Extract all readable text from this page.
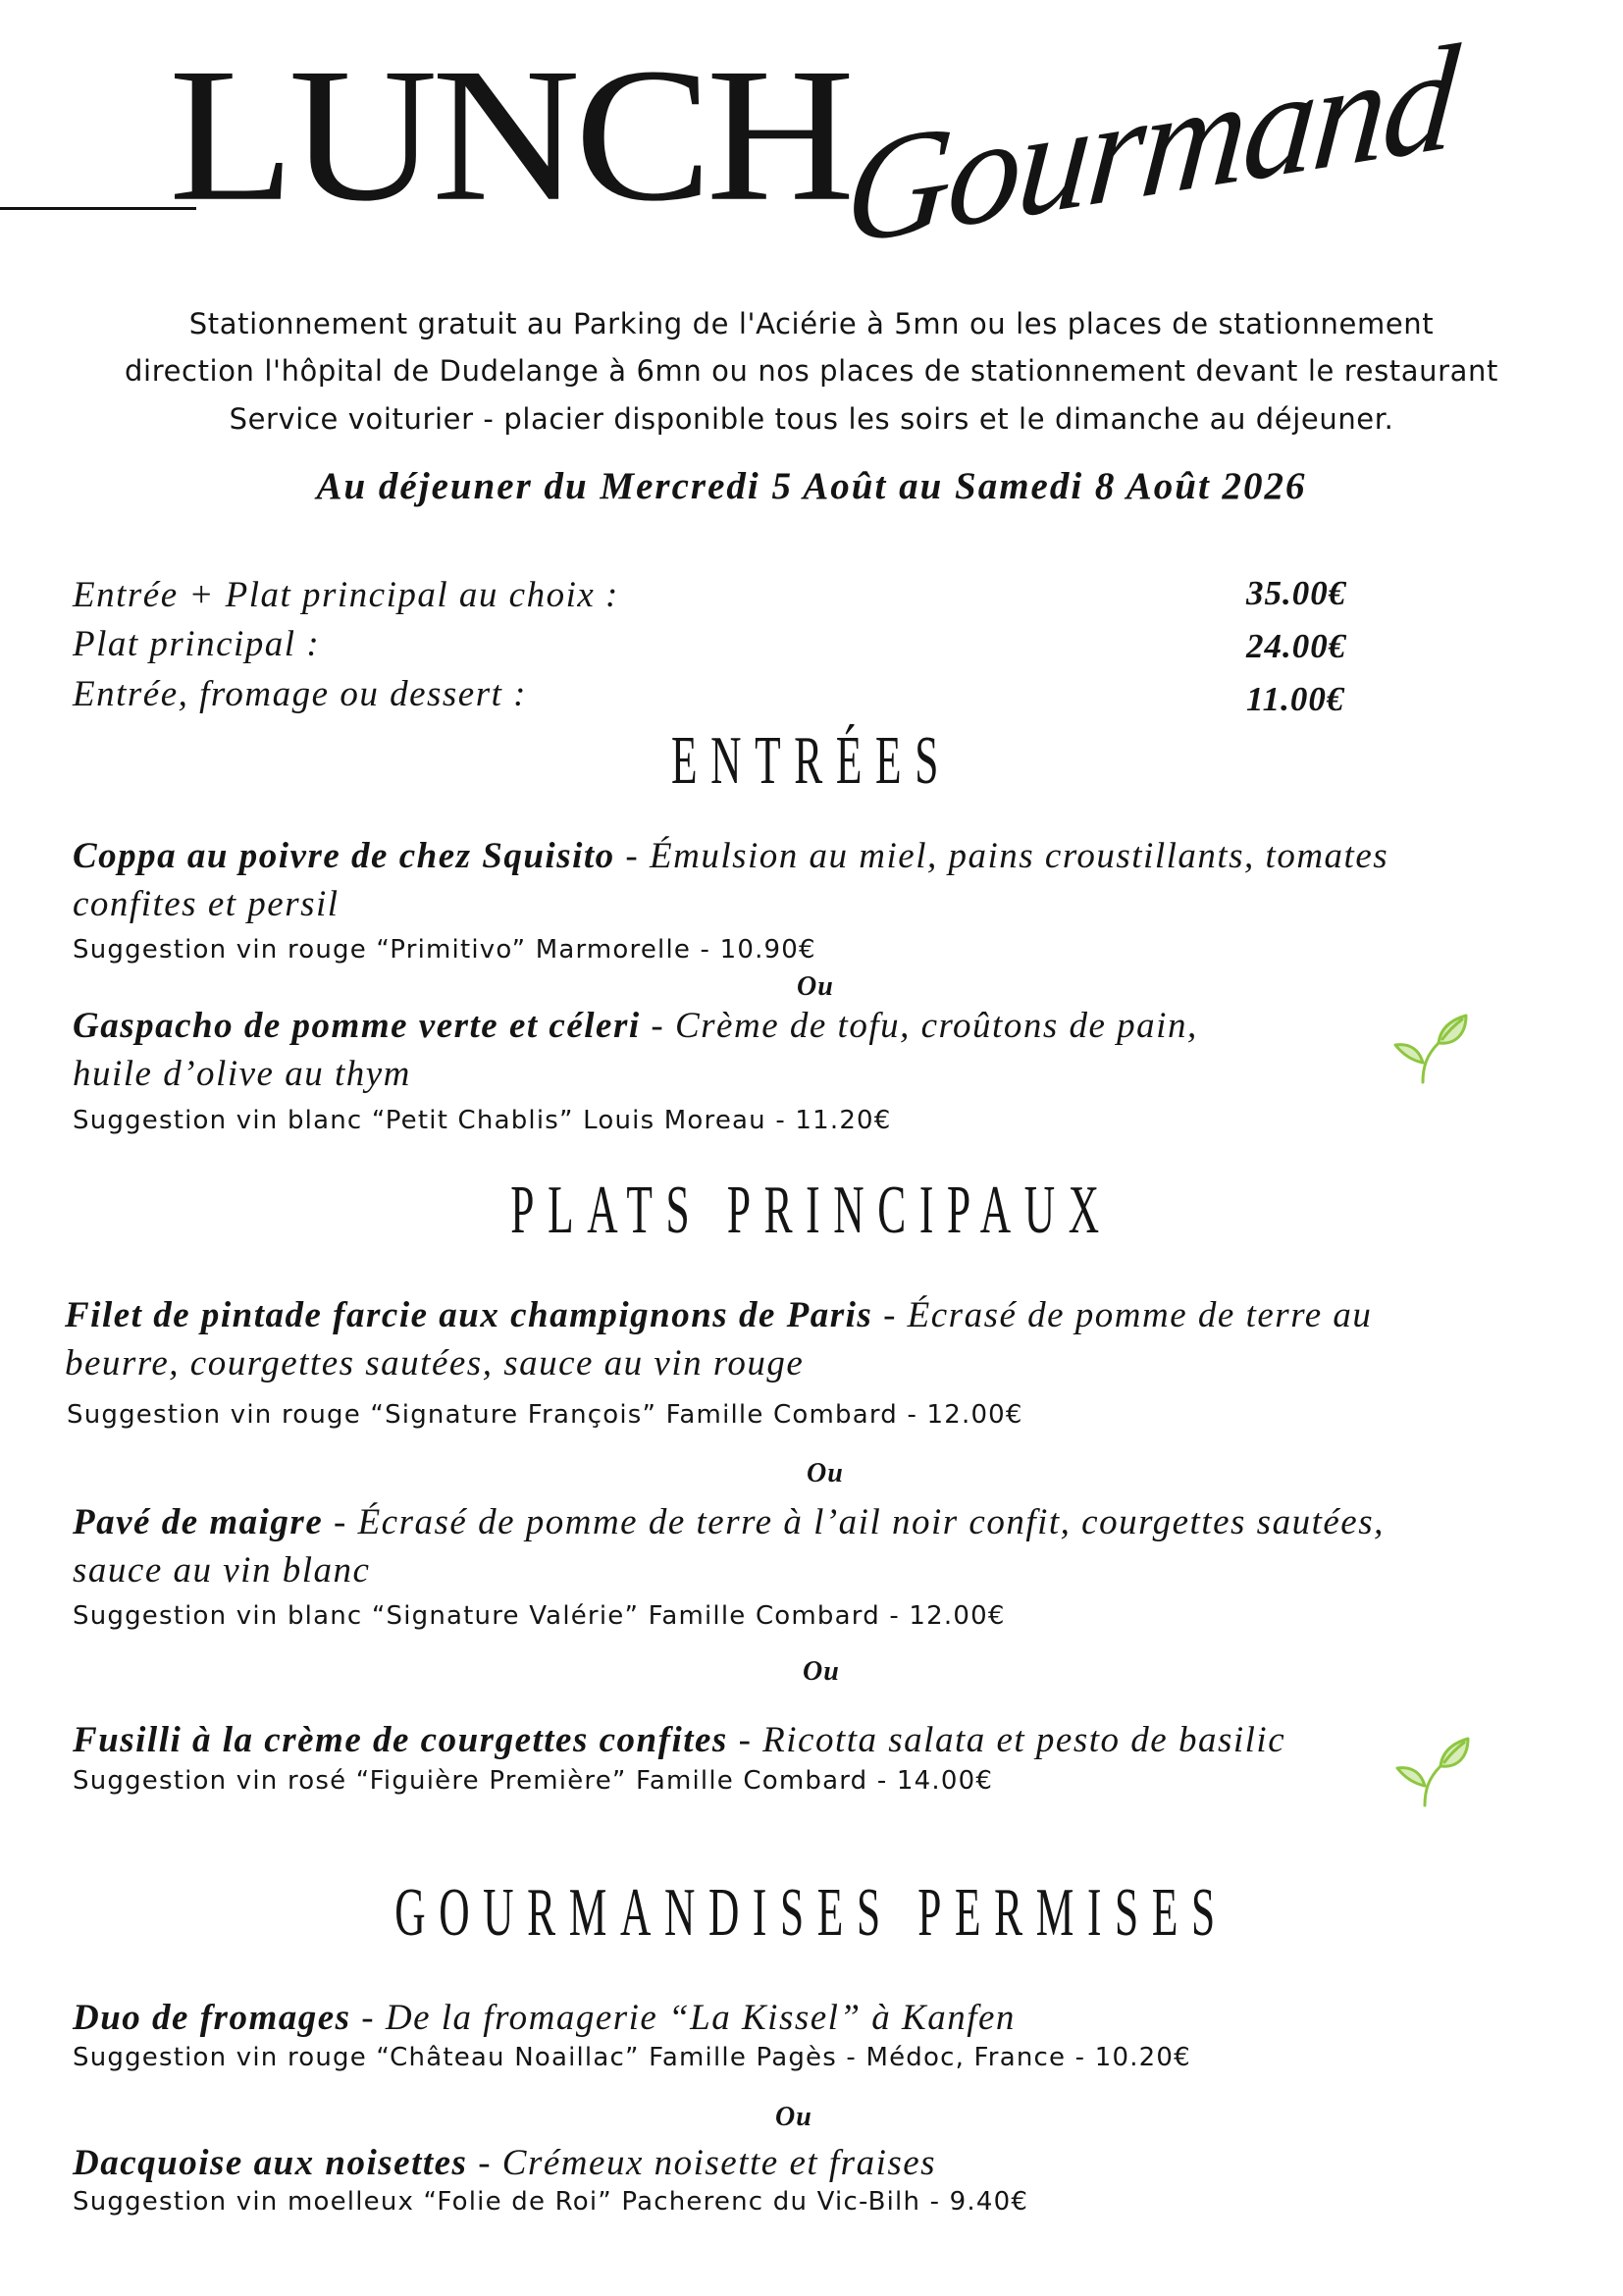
LUNCH
Gourmand
Stationnement gratuit au Parking de l'Aciérie à 5mn ou les places de stationnement
direction l'hôpital de Dudelange à 6mn ou nos places de stationnement devant le restaurant
Service voiturier - placier disponible tous les soirs et le dimanche au déjeuner.
Au déjeuner du Mercredi 5 Août au Samedi 8 Août 2026
Entrée + Plat principal au choix :	35.00€
Plat principal :	24.00€
Entrée, fromage ou dessert :	11.00€
ENTRÉES
Coppa au poivre de chez Squisito - Émulsion au miel, pains croustillants, tomates
confites et persil
Suggestion vin rouge “Primitivo” Marmorelle - 10.90€
Ou
Gaspacho de pomme verte et céleri - Crème de tofu, croûtons de pain,
huile d’olive au thym
Suggestion vin blanc “Petit Chablis” Louis Moreau - 11.20€
PLATS PRINCIPAUX
Filet de pintade farcie aux champignons de Paris - Écrasé de pomme de terre au
beurre, courgettes sautées, sauce au vin rouge
Suggestion vin rouge “Signature François” Famille Combard - 12.00€
Ou
Pavé de maigre - Écrasé de pomme de terre à l’ail noir confit, courgettes sautées,
sauce au vin blanc
Suggestion vin blanc “Signature Valérie” Famille Combard - 12.00€
Ou
Fusilli à la crème de courgettes confites - Ricotta salata et pesto de basilic
Suggestion vin rosé “Figuière Première” Famille Combard - 14.00€
GOURMANDISES PERMISES
Duo de fromages - De la fromagerie “La Kissel” à Kanfen
Suggestion vin rouge “Château Noaillac” Famille Pagès - Médoc, France - 10.20€
Ou
Dacquoise aux noisettes - Crémeux noisette et fraises
Suggestion vin moelleux “Folie de Roi” Pacherenc du Vic-Bilh - 9.40€
